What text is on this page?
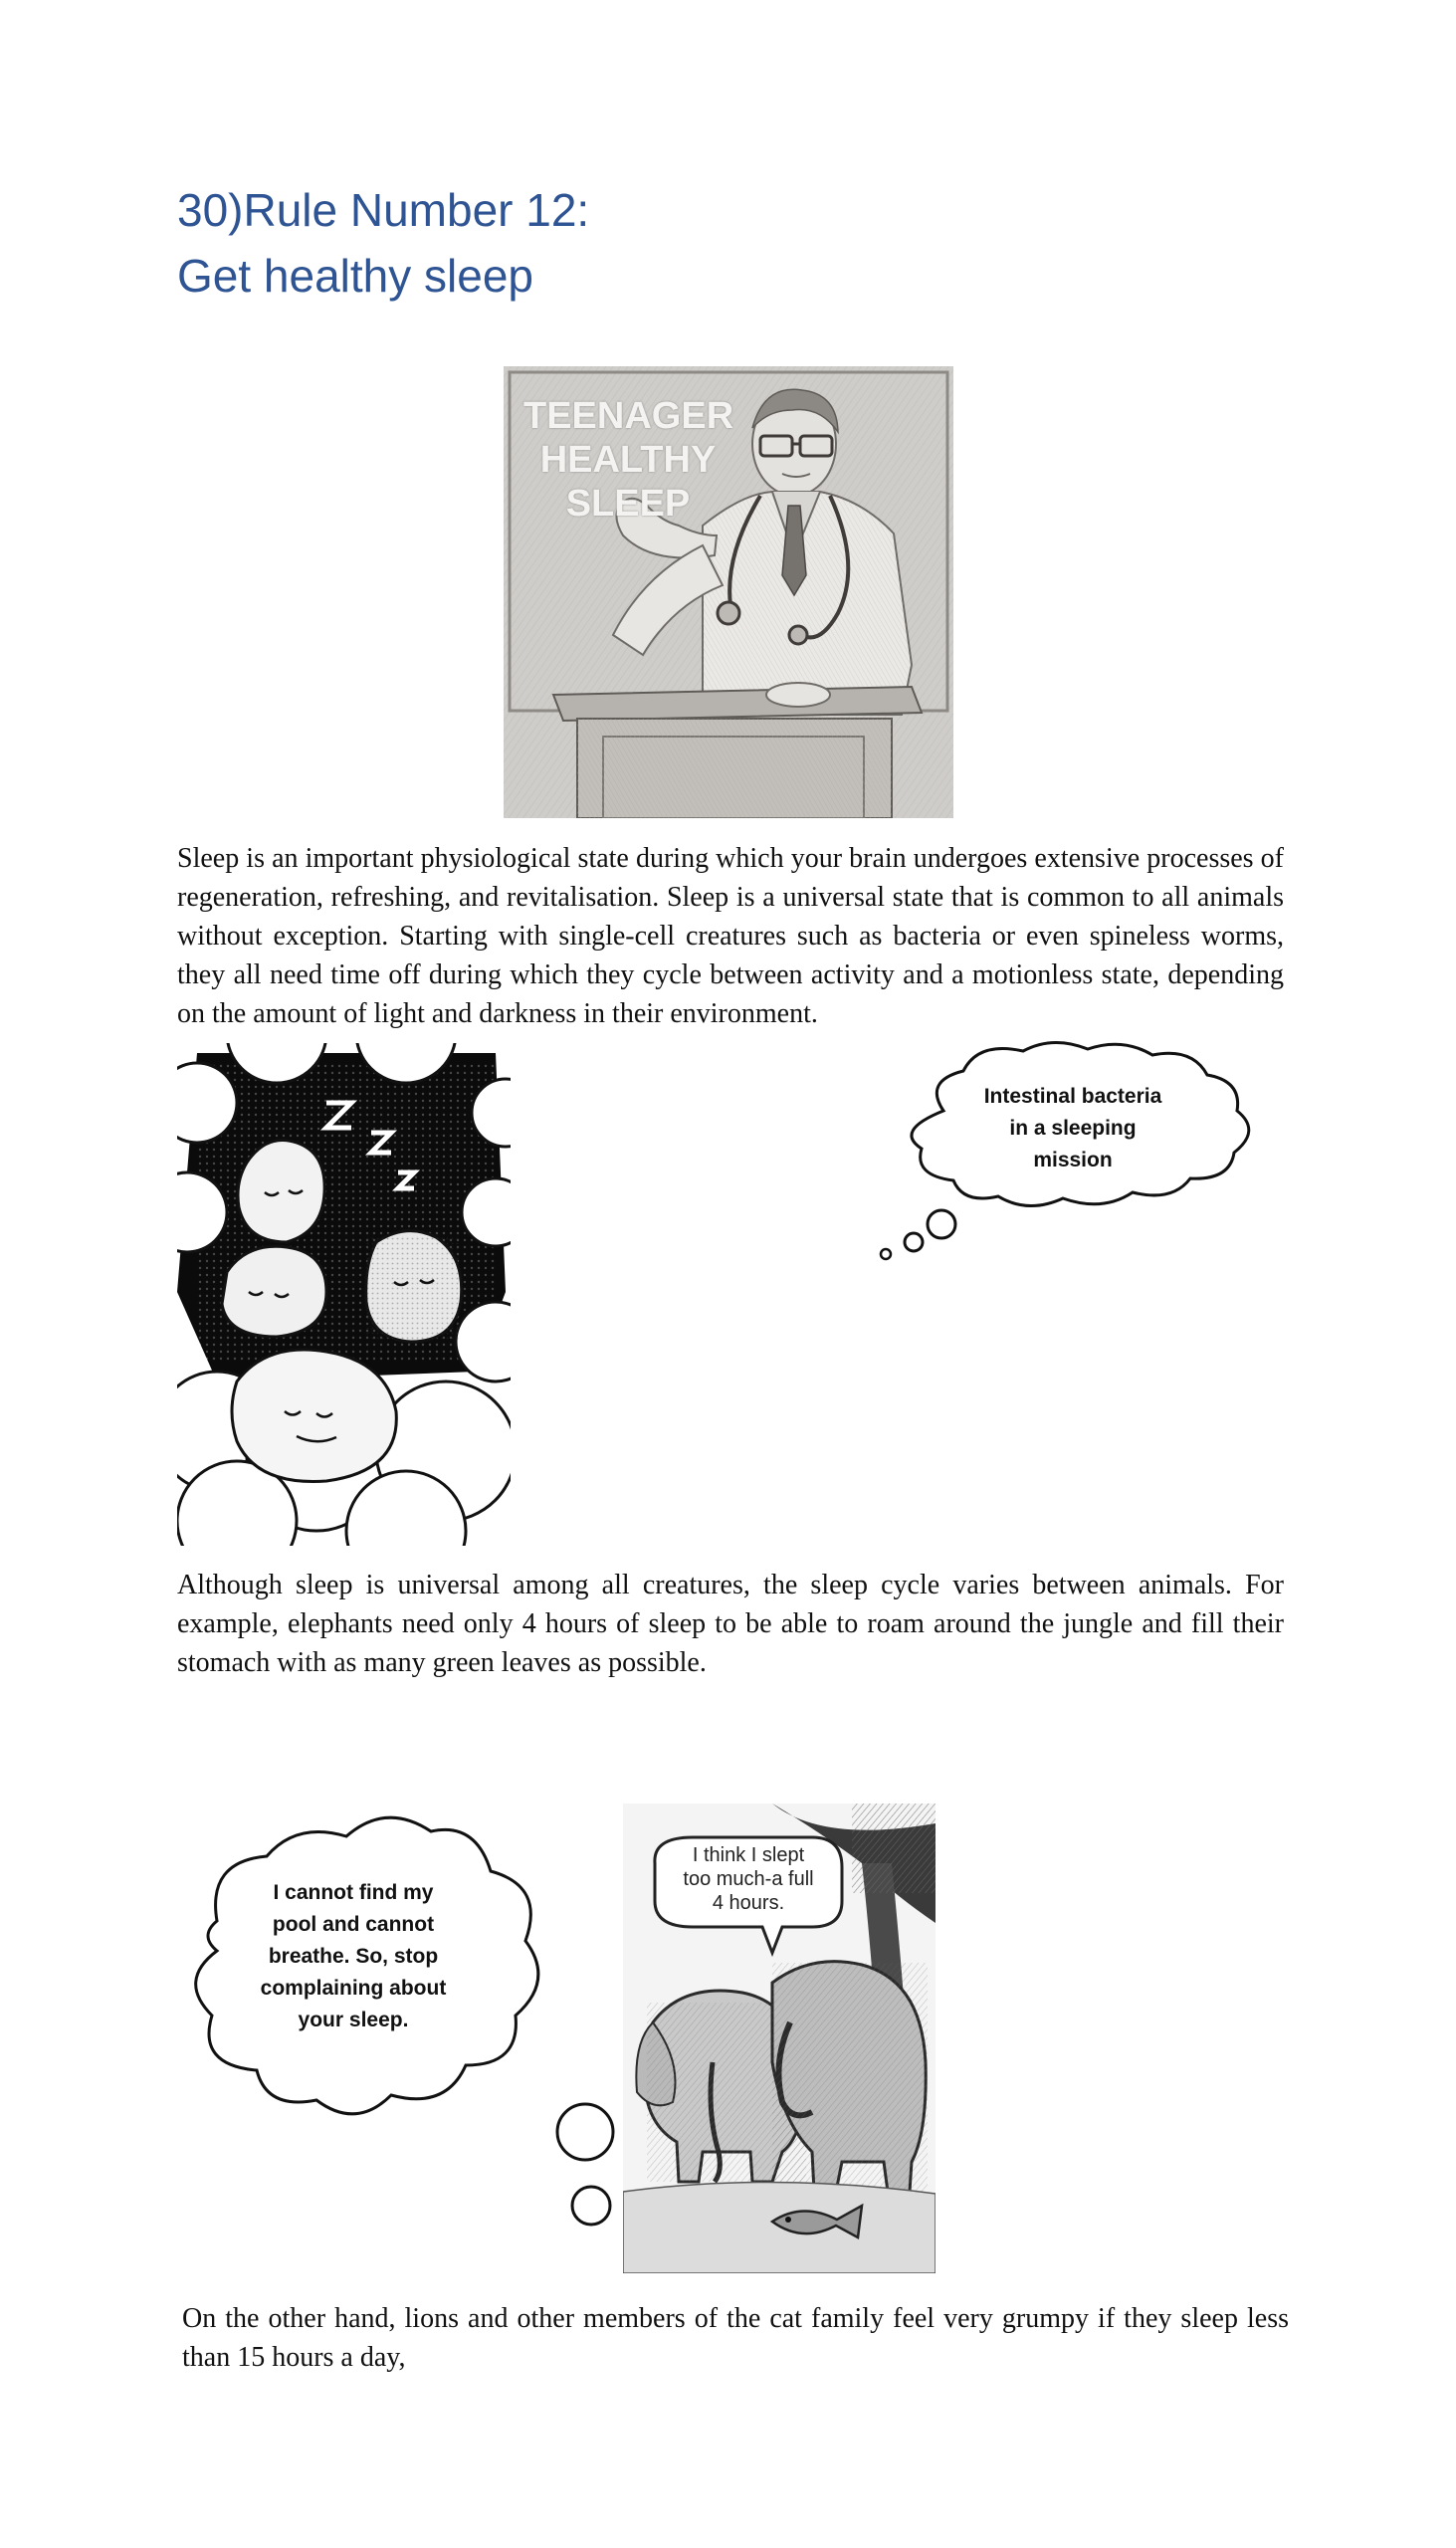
30)Rule Number 12:
Get healthy sleep
TEENAGER
HEALTHY
SLEEP

Sleep is an important physiological state during which your brain undergoes extensive processes of regeneration, refreshing, and revitalisation. Sleep is a universal state that is common to all animals without exception. Starting with single-cell creatures such as bacteria or even spineless worms, they all need time off during which they cycle between activity and a motionless state, depending on the amount of light and darkness in their environment.

Intestinal bacteria
in a sleeping
mission

Although sleep is universal among all creatures, the sleep cycle varies between animals. For example, elephants need only 4 hours of sleep to be able to roam around the jungle and fill their stomach with as many green leaves as possible.

I cannot find my
pool and cannot
breathe. So, stop
complaining about
your sleep.
I think I slept
too much-a full
4 hours.

On the other hand, lions and other members of the cat family feel very grumpy if they sleep less than 15 hours a day,
